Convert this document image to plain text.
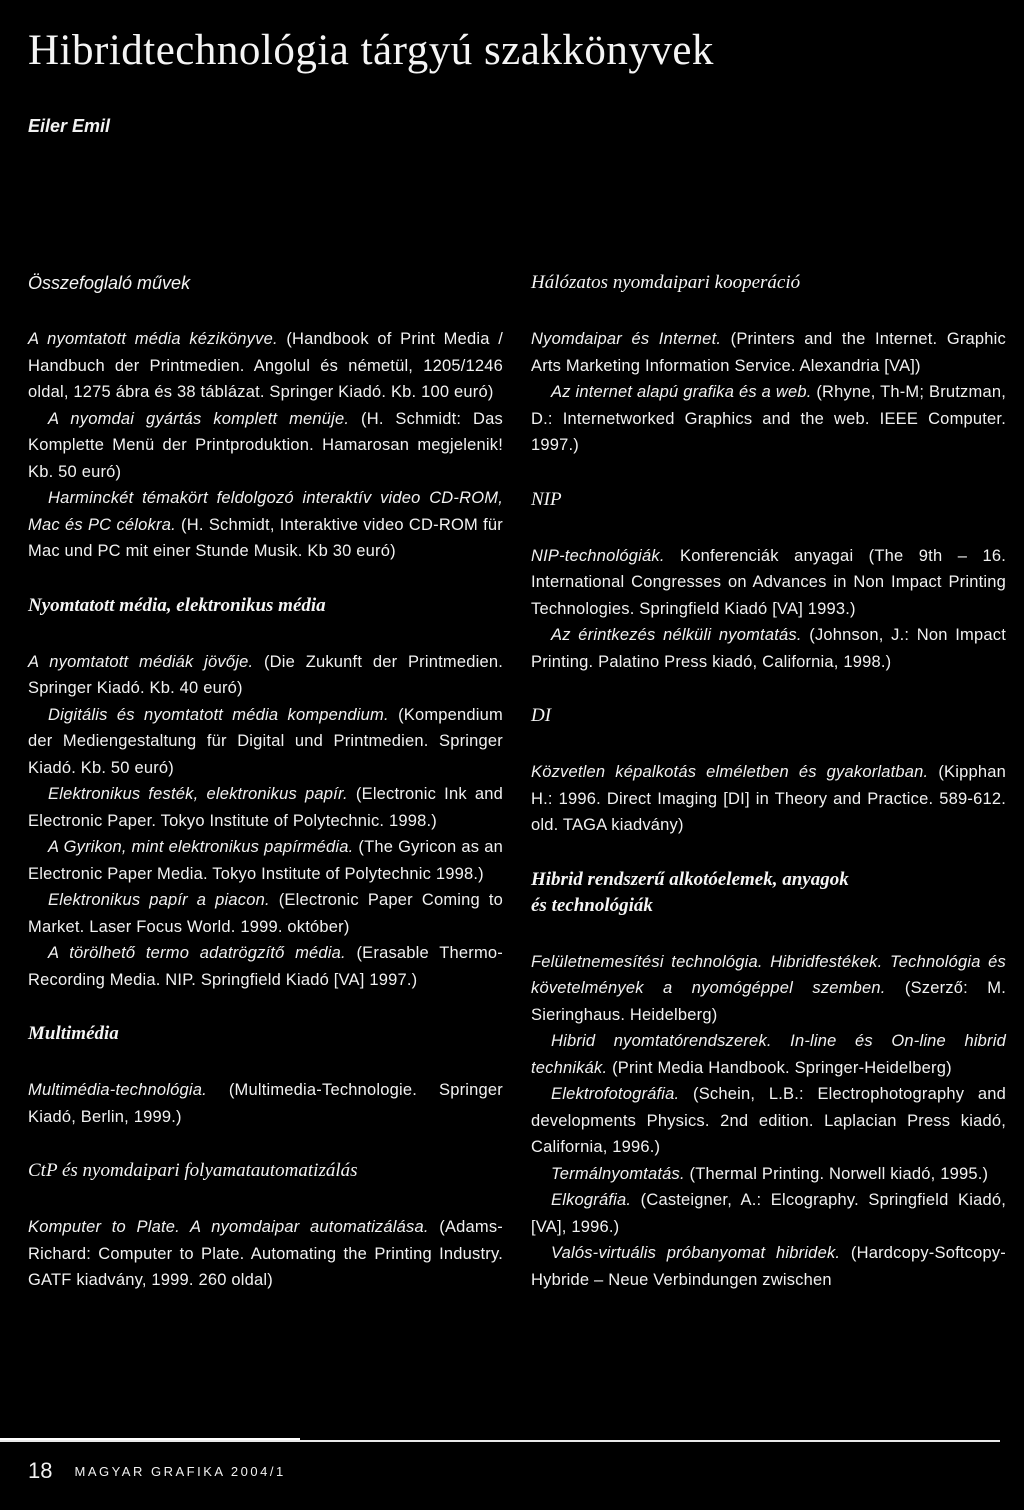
Hibridtechnológia tárgyú szakkönyvek
Eiler Emil
Összefoglaló művek

A nyomtatott média kézikönyve. (Handbook of Print Media / Handbuch der Printmedien. Angolul és németül, 1205/1246 oldal, 1275 ábra és 38 táblázat. Springer Kiadó. Kb. 100 euró)

A nyomdai gyártás komplett menüje. (H. Schmidt: Das Komplette Menü der Printproduktion. Hamarosan megjelenik! Kb. 50 euró)

Harminckét témakört feldolgozó interaktív video CD-ROM, Mac és PC célokra. (H. Schmidt, Interaktive video CD-ROM für Mac und PC mit einer Stunde Musik. Kb 30 euró)

Nyomtatott média, elektronikus média

A nyomtatott médiák jövője. (Die Zukunft der Printmedien. Springer Kiadó. Kb. 40 euró)

Digitális és nyomtatott média kompendium. (Kompendium der Mediengestaltung für Digital und Printmedien. Springer Kiadó. Kb. 50 euró)

Elektronikus festék, elektronikus papír. (Electronic Ink and Electronic Paper. Tokyo Institute of Polytechnic. 1998.)

A Gyrikon, mint elektronikus papírmédia. (The Gyricon as an Electronic Paper Media. Tokyo Institute of Polytechnic 1998.)

Elektronikus papír a piacon. (Electronic Paper Coming to Market. Laser Focus World. 1999. október)

A törölhető termo adatrögzítő média. (Erasable Thermo-Recording Media. NIP. Springfield Kiadó [VA] 1997.)

Multimédia

Multimédia-technológia. (Multimedia-Technologie. Springer Kiadó, Berlin, 1999.)

CtP és nyomdaipari folyamatautomatizálás

Komputer to Plate. A nyomdaipar automatizálása. (Adams- Richard: Computer to Plate. Automating the Printing Industry. GATF kiadvány, 1999. 260 oldal)

Hálózatos nyomdaipari kooperáció

Nyomdaipar és Internet. (Printers and the Internet. Graphic Arts Marketing Information Service. Alexandria [VA])

Az internet alapú grafika és a web. (Rhyne, Th-M; Brutzman, D.: Internetworked Graphics and the web. IEEE Computer. 1997.)

NIP

NIP-technológiák. Konferenciák anyagai (The 9th – 16. International Congresses on Advances in Non Impact Printing Technologies. Springfield Kiadó [VA] 1993.)

Az érintkezés nélküli nyomtatás. (Johnson, J.: Non Impact Printing. Palatino Press kiadó, California, 1998.)

DI

Közvetlen képalkotás elméletben és gyakorlatban. (Kipphan H.: 1996. Direct Imaging [DI] in Theory and Practice. 589-612. old. TAGA kiadvány)

Hibrid rendszerű alkotóelemek, anyagok
és technológiák

Felületnemesítési technológia. Hibridfestékek. Technológia és követelmények a nyomógéppel szemben. (Szerző: M. Sieringhaus. Heidelberg)

Hibrid nyomtatórendszerek. In-line és On-line hibrid technikák. (Print Media Handbook. Springer-Heidelberg)

Elektrofotográfia. (Schein, L.B.: Electrophotography and developments Physics. 2nd edition. Laplacian Press kiadó, California, 1996.)

Termálnyomtatás. (Thermal Printing. Norwell kiadó, 1995.)

Elkográfia. (Casteigner, A.: Elcography. Springfield Kiadó, [VA], 1996.)

Valós-virtuális próbanyomat hibridek. (Hardcopy-Softcopy-Hybride – Neue Verbindungen zwischen

18 MAGYAR GRAFIKA 2004/1
